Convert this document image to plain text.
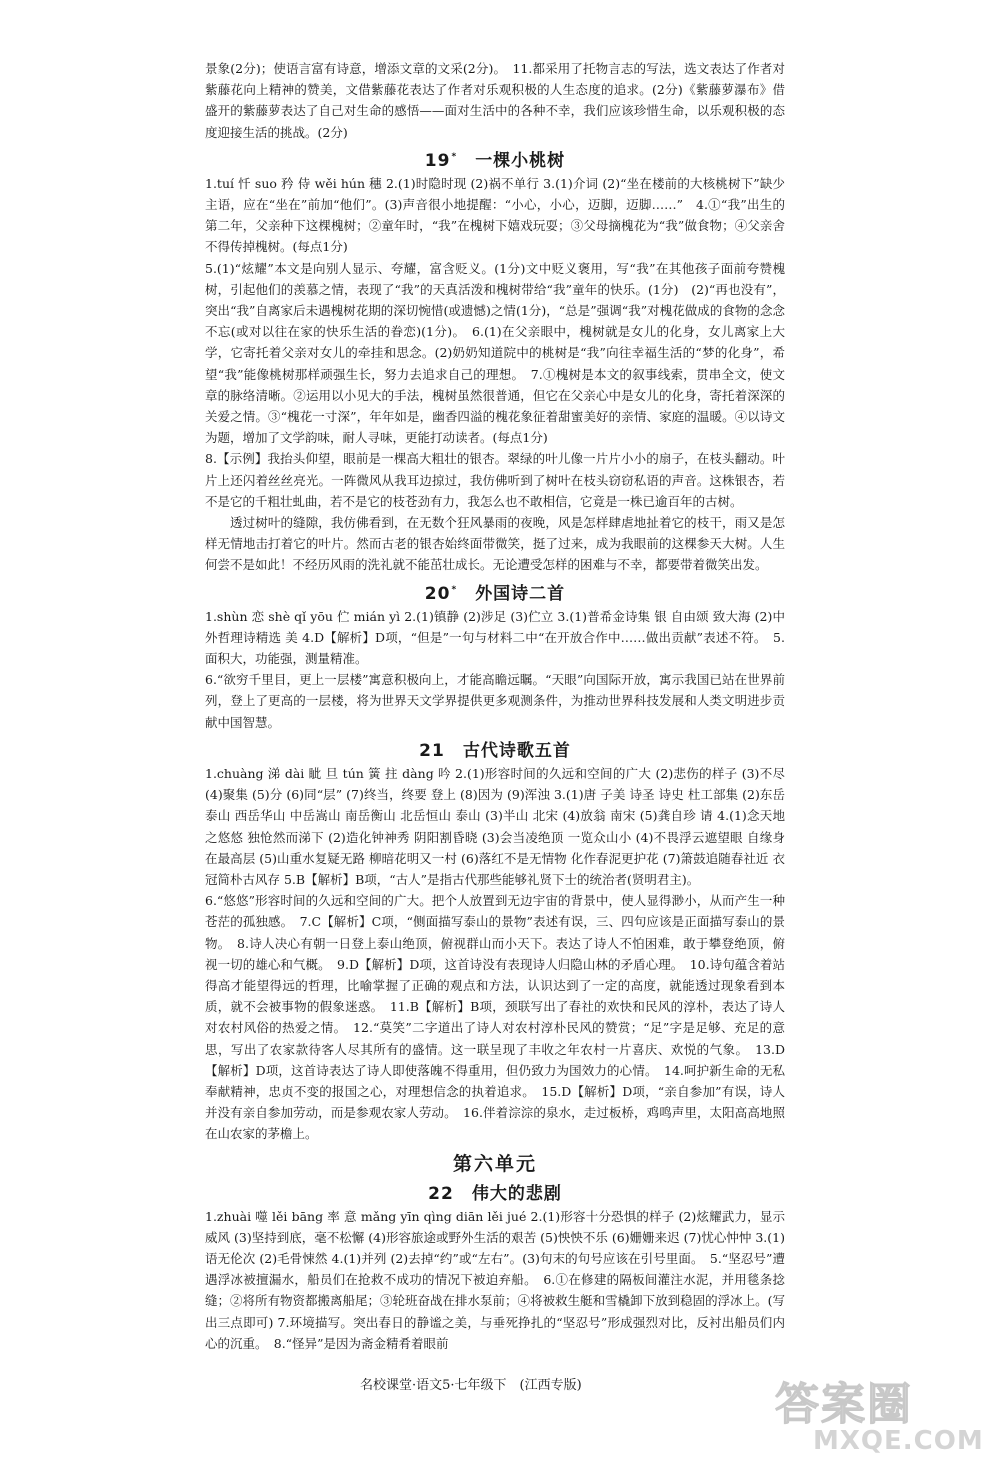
景象(2分)；使语言富有诗意，增添文章的文采(2分)。　11.都采用了托物言志的写法，选文表达了作者对紫藤花向上精神的赞美，文借紫藤花表达了作者对乐观积极的人生态度的追求。(2分)《紫藤萝瀑布》借盛开的紫藤萝表达了自己对生命的感悟——面对生活中的各种不幸，我们应该珍惜生命，以乐观积极的态度迎接生活的挑战。(2分)

19* 一棵小桃树

1.tuí 忏 suo 矜 侍 wěi hún 穗 2.(1)时隐时现 (2)祸不单行 3.(1)介词 (2)“坐在楼前的大核桃树下”缺少主语，应在“坐在”前加“他们”。(3)声音很小地提醒：“小心，小心，迈脚，迈脚……”　4.①“我”出生的第二年，父亲种下这棵槐树；②童年时，“我”在槐树下嬉戏玩耍；③父母摘槐花为“我”做食物；④父亲舍不得传掉槐树。(每点1分)

5.(1)“炫耀”本文是向别人显示、夸耀，富含贬义。(1分)文中贬义褒用，写“我”在其他孩子面前夸赞槐树，引起他们的羡慕之情，表现了“我”的天真活泼和槐树带给“我”童年的快乐。(1分)　(2)“再也没有”，突出“我”自离家后未遇槐树花期的深切惋惜(或遗憾)之情(1分)，“总是”强调“我”对槐花做成的食物的念念不忘(或对以往在家的快乐生活的眷恋)(1分)。　6.(1)在父亲眼中，槐树就是女儿的化身，女儿离家上大学，它寄托着父亲对女儿的牵挂和思念。(2)奶奶知道院中的桃树是“我”向往幸福生活的“梦的化身”，希望“我”能像桃树那样顽强生长，努力去追求自己的理想。　7.①槐树是本文的叙事线索，贯串全文，使文章的脉络清晰。②运用以小见大的手法，槐树虽然很普通，但它在父亲心中是女儿的化身，寄托着深深的关爱之情。③“槐花一寸深”，年年如是，幽香四溢的槐花象征着甜蜜美好的亲情、家庭的温暖。④以诗文为题，增加了文学韵味，耐人寻味，更能打动读者。(每点1分)

8.【示例】我抬头仰望，眼前是一棵高大粗壮的银杏。翠绿的叶儿像一片片小小的扇子，在枝头翻动。叶片上还闪着丝丝亮光。一阵微风从我耳边掠过，我仿佛听到了树叶在枝头窃窃私语的声音。这株银杏，若不是它的千粗壮虬曲，若不是它的枝苍劲有力，我怎么也不敢相信，它竟是一株已逾百年的古树。

透过树叶的缝隙，我仿佛看到，在无数个狂风暴雨的夜晚，风是怎样肆虐地扯着它的枝干，雨又是怎样无情地击打着它的叶片。然而古老的银杏始终面带微笑，挺了过来，成为我眼前的这棵参天大树。人生何尝不是如此！不经历风雨的洗礼就不能茁壮成长。无论遭受怎样的困难与不幸，都要带着微笑出发。

20* 外国诗二首

1.shùn 恋 shè qǐ yōu 伫 mián yì 2.(1)镇静 (2)涉足 (3)伫立 3.(1)普希金诗集 银 自由颂 致大海 (2)中外哲理诗精选 美 4.D【解析】D项，“但是”一句与材料二中“在开放合作中……做出贡献”表述不符。　5.面积大，功能强，测量精准。

6.“欲穷千里目，更上一层楼”寓意积极向上，才能高瞻远瞩。“天眼”向国际开放，寓示我国已站在世界前列，登上了更高的一层楼，将为世界天文学界提供更多观测条件，为推动世界科技发展和人类文明进步贡献中国智慧。

21 古代诗歌五首

1.chuàng 涕 dài 眦 旦 tún 簧 拄 dàng 吟 2.(1)形容时间的久远和空间的广大 (2)悲伤的样子 (3)不尽 (4)聚集 (5)分 (6)同“层” (7)终当，终要 登上 (8)因为 (9)浑浊 3.(1)唐 子美 诗圣 诗史 杜工部集 (2)东岳泰山 西岳华山 中岳嵩山 南岳衡山 北岳恒山 泰山 (3)半山 北宋 (4)放翁 南宋 (5)龚自珍 请 4.(1)念天地之悠悠 独怆然而涕下 (2)造化钟神秀 阴阳割昏晓 (3)会当凌绝顶 一览众山小 (4)不畏浮云遮望眼 自缘身在最高层 (5)山重水复疑无路 柳暗花明又一村 (6)落红不是无情物 化作春泥更护花 (7)箫鼓追随春社近 衣冠简朴古风存 5.B【解析】B项，“古人”是指古代那些能够礼贤下士的统治者(贤明君主)。

6.“悠悠”形容时间的久远和空间的广大。把个人放置到无边宇宙的背景中，使人显得渺小，从而产生一种苍茫的孤独感。　7.C【解析】C项，“侧面描写泰山的景物”表述有误，三、四句应该是正面描写泰山的景物。　8.诗人决心有朝一日登上泰山绝顶，俯视群山而小天下。表达了诗人不怕困难，敢于攀登绝顶，俯视一切的雄心和气概。　9.D【解析】D项，这首诗没有表现诗人归隐山林的矛盾心理。　10.诗句蕴含着站得高才能望得远的哲理，比喻掌握了正确的观点和方法，认识达到了一定的高度，就能透过现象看到本质，就不会被事物的假象迷惑。　11.B【解析】B项，颈联写出了春社的欢快和民风的淳朴，表达了诗人对农村风俗的热爱之情。　12.“莫笑”二字道出了诗人对农村淳朴民风的赞赏；“足”字是足够、充足的意思，写出了农家款待客人尽其所有的盛情。这一联呈现了丰收之年农村一片喜庆、欢悦的气象。　13.D【解析】D项，这首诗表达了诗人即使落魄不得重用，但仍致力为国效力的心情。　14.呵护新生命的无私奉献精神，忠贞不变的报国之心，对理想信念的执着追求。　15.D【解析】D项，“亲自参加”有误，诗人并没有亲自参加劳动，而是参观农家人劳动。　16.伴着淙淙的泉水，走过板桥，鸡鸣声里，太阳高高地照在山农家的茅檐上。

第六单元
22 伟大的悲剧

1.zhuài 噬 lěi bāng 率 意 mǎng yīn qìng diān lěi jué 2.(1)形容十分恐惧的样子 (2)炫耀武力，显示威风 (3)坚持到底，毫不松懈 (4)形容旅途或野外生活的艰苦 (5)怏怏不乐 (6)姗姗来迟 (7)忧心忡忡 3.(1)语无伦次 (2)毛骨悚然 4.(1)并列 (2)去掉“约”或“左右”。(3)句末的句号应该在引号里面。　5.“坚忍号”遭遇浮冰被擅漏水，船员们在抢救不成功的情况下被迫弃船。　6.①在修建的隔板间灌注水泥，并用毯条捻缝；②将所有物资都搬离船尾；③轮班奋战在排水泵前；④将被救生艇和雪橇卸下放到稳固的浮冰上。(写出三点即可) 7.环境描写。突出春日的静谧之美，与垂死挣扎的“坚忍号”形成强烈对比，反衬出船员们内心的沉重。　8.“怪异”是因为斋金精肴着眼前

名校课堂·语文5·七年级下　(江西专版)	答案圈
MXQE.COM
